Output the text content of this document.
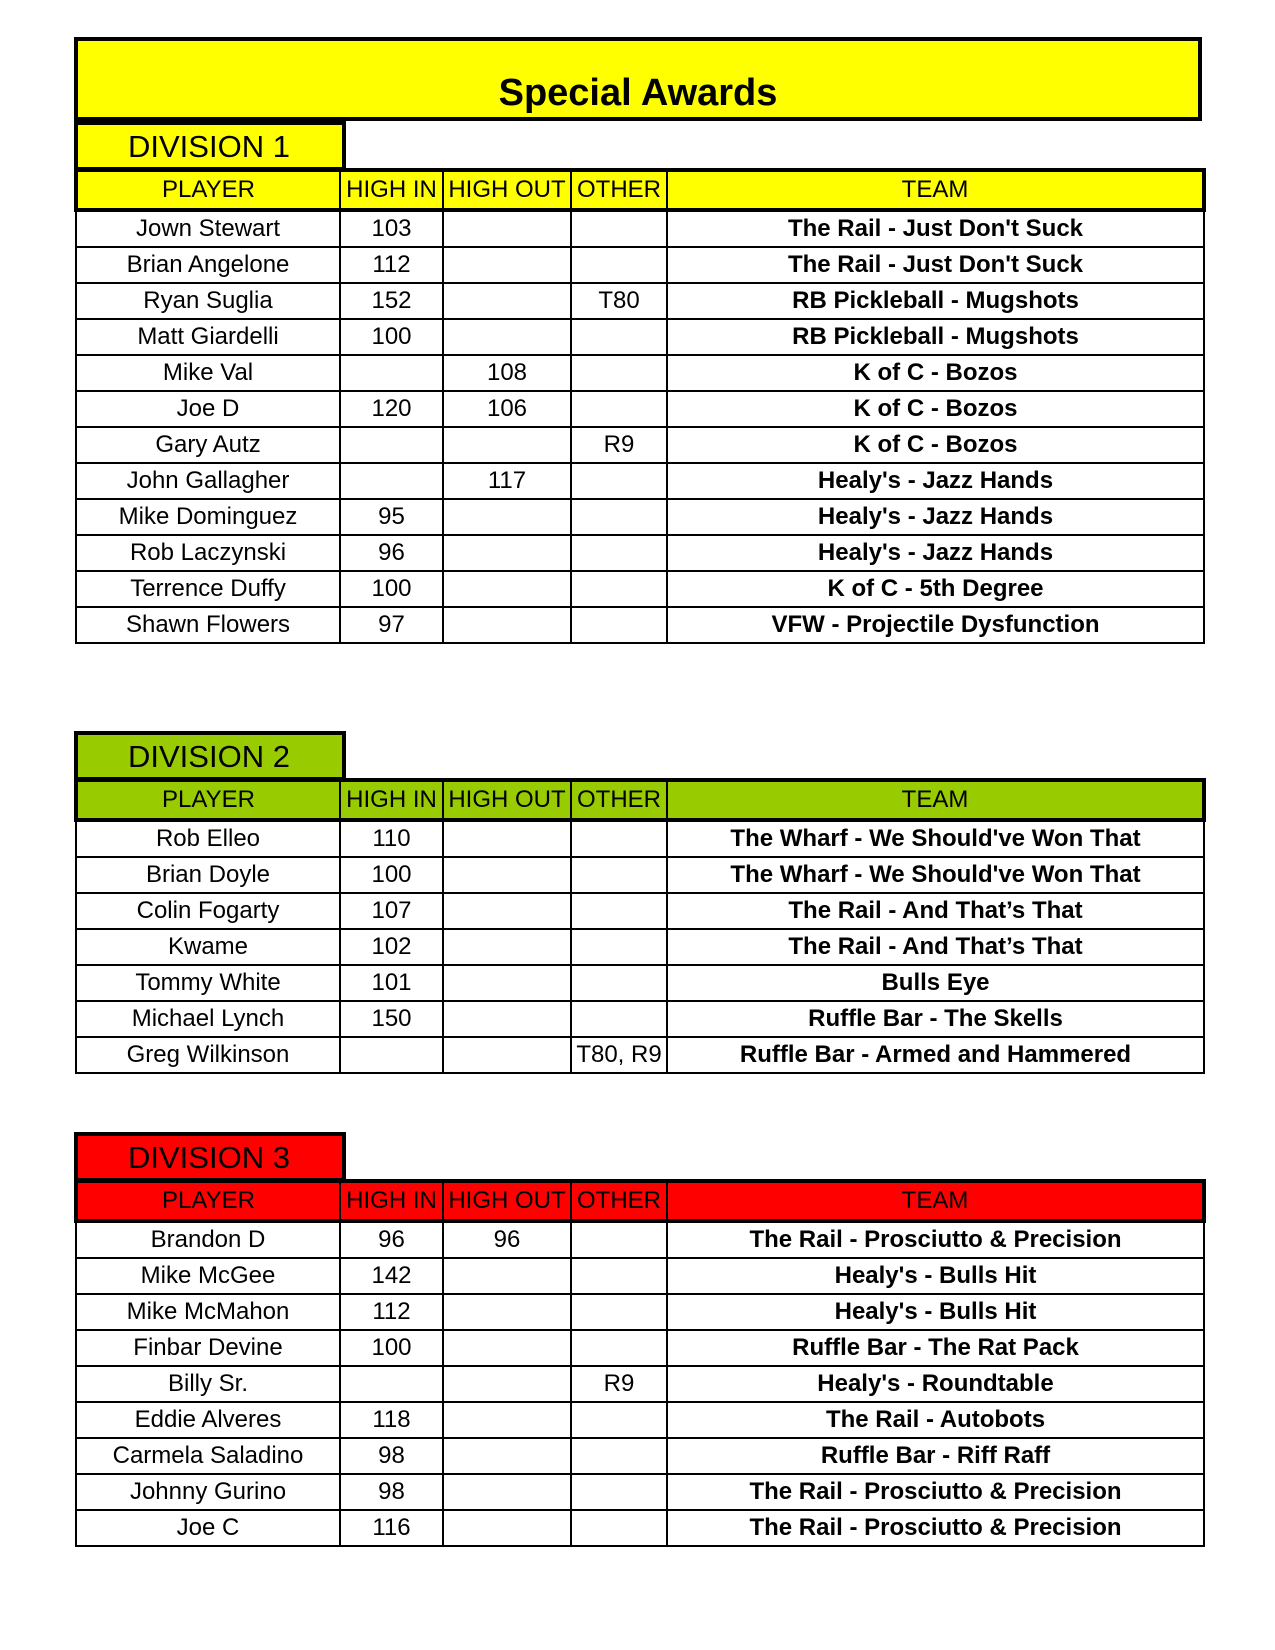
Special Awards
DIVISION 1
PLAYER	HIGH IN	HIGH OUT	OTHER	TEAM
Jown Stewart	103			The Rail - Just Don't Suck
Brian Angelone	112			The Rail - Just Don't Suck
Ryan Suglia	152		T80	RB Pickleball - Mugshots
Matt Giardelli	100			RB Pickleball - Mugshots
Mike Val		108		K of C - Bozos
Joe D	120	106		K of C - Bozos
Gary Autz			R9	K of C - Bozos
John Gallagher		117		Healy's - Jazz Hands
Mike Dominguez	95			Healy's - Jazz Hands
Rob Laczynski	96			Healy's - Jazz Hands
Terrence Duffy	100			K of C - 5th Degree
Shawn Flowers	97			VFW - Projectile Dysfunction
DIVISION 2
PLAYER	HIGH IN	HIGH OUT	OTHER	TEAM
Rob Elleo	110			The Wharf - We Should've Won That
Brian Doyle	100			The Wharf - We Should've Won That
Colin Fogarty	107			The Rail - And That’s That
Kwame	102			The Rail - And That’s That
Tommy White	101			Bulls Eye
Michael Lynch	150			Ruffle Bar - The Skells
Greg Wilkinson			T80, R9	Ruffle Bar - Armed and Hammered
DIVISION 3
PLAYER	HIGH IN	HIGH OUT	OTHER	TEAM
Brandon D	96	96		The Rail - Prosciutto & Precision
Mike McGee	142			Healy's - Bulls Hit
Mike McMahon	112			Healy's - Bulls Hit
Finbar Devine	100			Ruffle Bar - The Rat Pack
Billy Sr.			R9	Healy's - Roundtable
Eddie Alveres	118			The Rail - Autobots
Carmela Saladino	98			Ruffle Bar - Riff Raff
Johnny Gurino	98			The Rail - Prosciutto & Precision
Joe C	116			The Rail - Prosciutto & Precision
